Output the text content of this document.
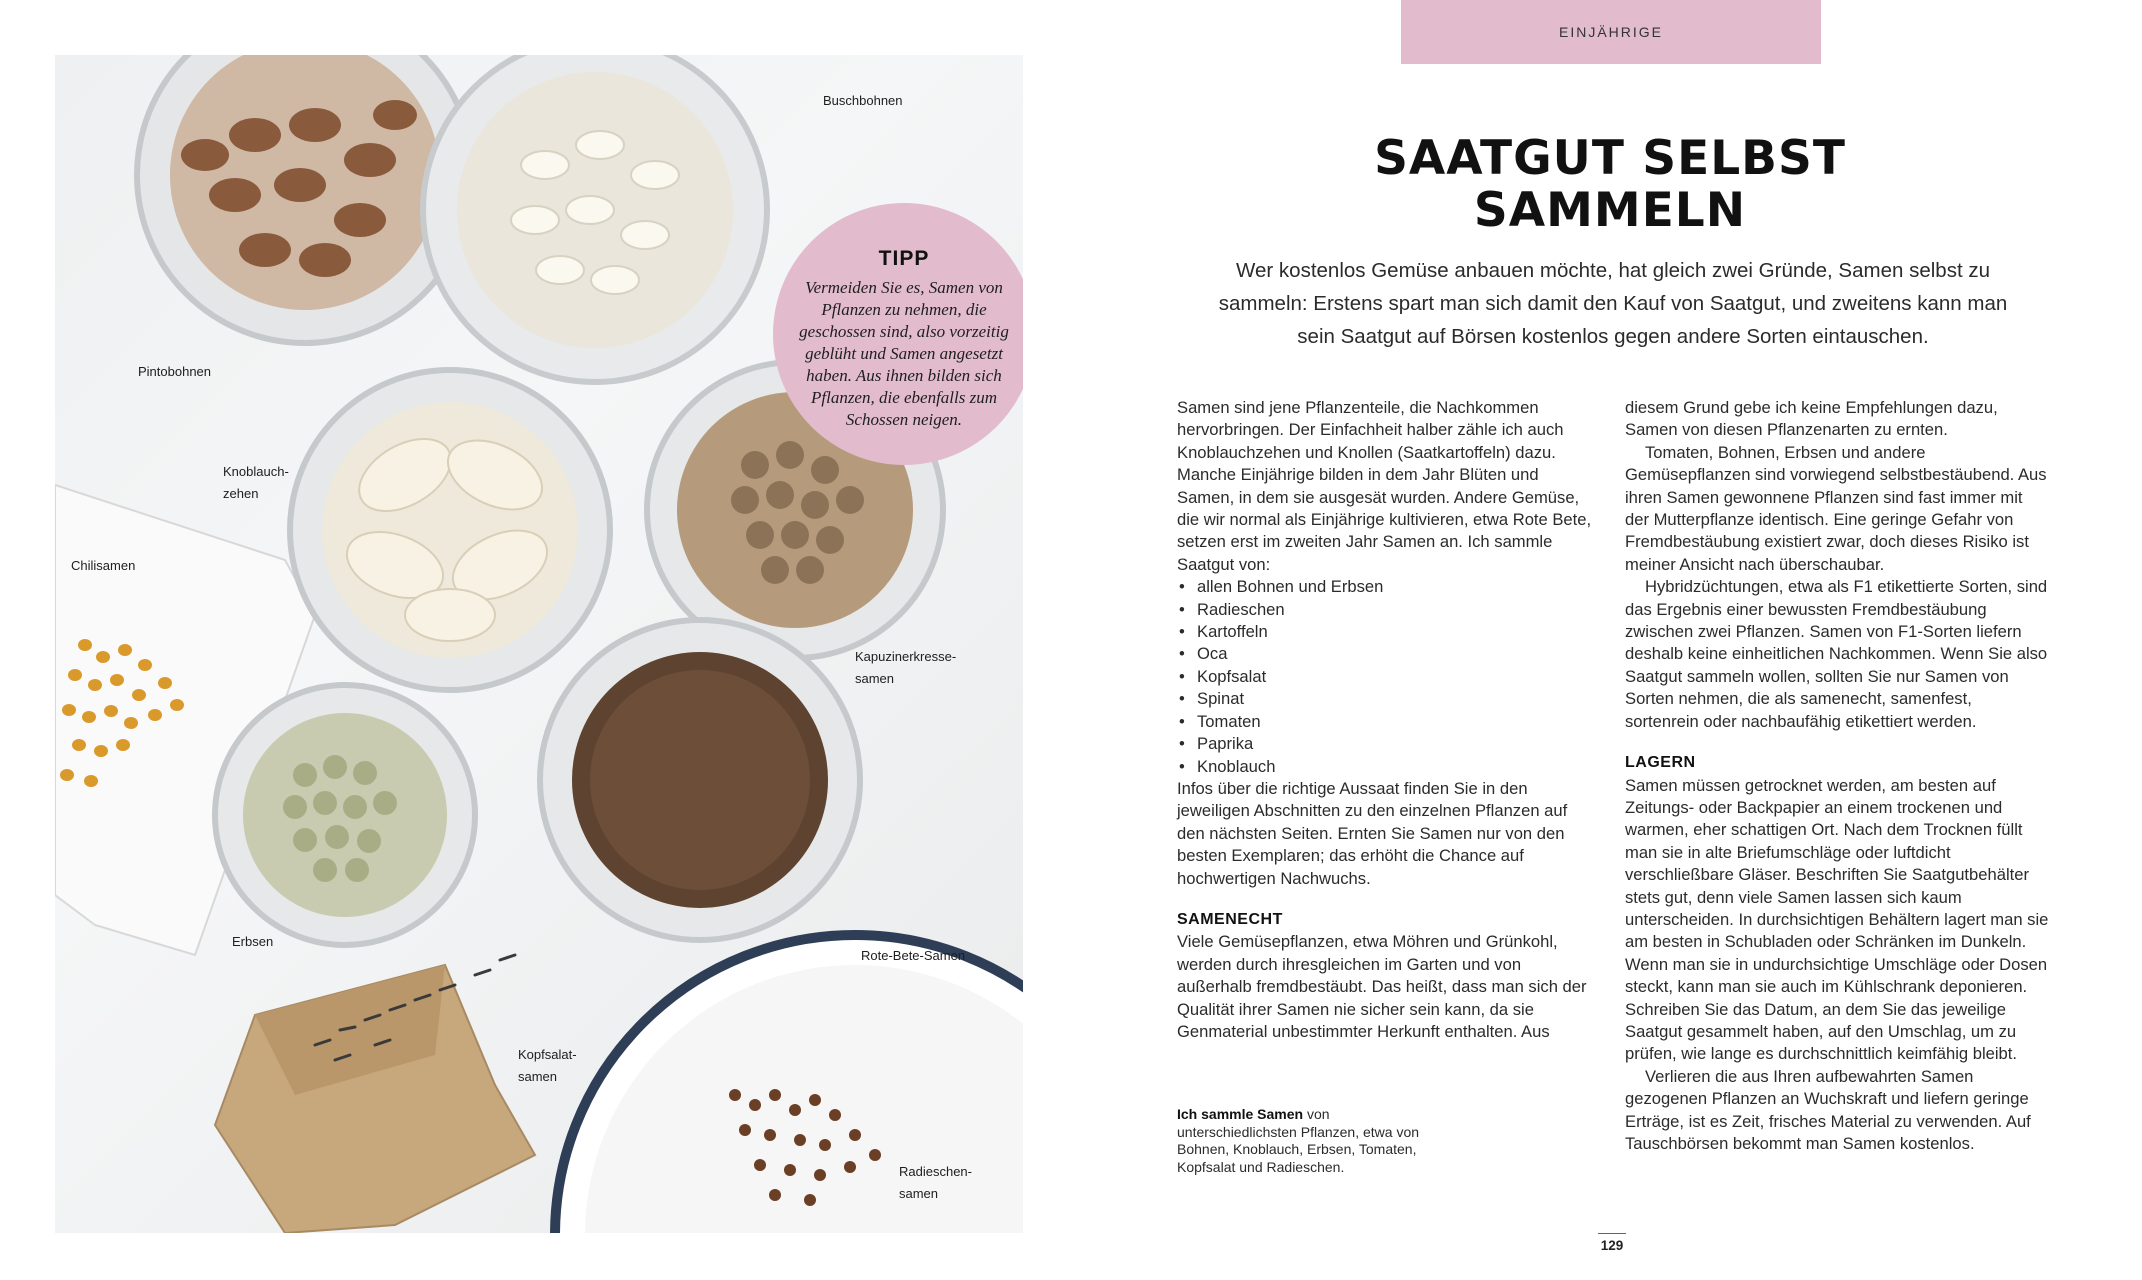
Buschbohnen

Pintobohnen

Knoblauch-
zehen

Chilisamen

Kapuzinerkresse-
samen

Erbsen

Rote-Bete-Samen

Kopfsalat-
samen

Radieschen-
samen

TIPP

Vermeiden Sie es, Samen von Pflanzen zu nehmen, die geschossen sind, also vorzeitig geblüht und Samen angesetzt haben. Aus ihnen bilden sich Pflanzen, die ebenfalls zum Schossen neigen.

EINJÄHRIGE
SAATGUT SELBST
SAMMELN

Wer kostenlos Gemüse anbauen möchte, hat gleich zwei Gründe, Samen selbst zu sammeln: Erstens spart man sich damit den Kauf von Saatgut, und zweitens kann man sein Saatgut auf Börsen kostenlos gegen andere Sorten eintauschen.

Samen sind jene Pflanzenteile, die Nachkommen hervorbringen. Der Einfachheit halber zähle ich auch Knoblauchzehen und Knollen (Saatkartoffeln) dazu. Manche Einjährige bilden in dem Jahr Blüten und Samen, in dem sie ausgesät wurden. Andere Gemüse, die wir normal als Einjährige kultivieren, etwa Rote Bete, setzen erst im zweiten Jahr Samen an. Ich sammle Saatgut von:

• allen Bohnen und Erbsen
• Radieschen
• Kartoffeln
• Oca
• Kopfsalat
• Spinat
• Tomaten
• Paprika
• Knoblauch

Infos über die richtige Aussaat finden Sie in den jeweiligen Abschnitten zu den einzelnen Pflanzen auf den nächsten Seiten. Ernten Sie Samen nur von den besten Exemplaren; das erhöht die Chance auf hochwertigen Nachwuchs.

SAMENECHT

Viele Gemüsepflanzen, etwa Möhren und Grünkohl, werden durch ihresgleichen im Garten und von außerhalb fremdbestäubt. Das heißt, dass man sich der Qualität ihrer Samen nie sicher sein kann, da sie Genmaterial unbestimmter Herkunft enthalten. Aus

diesem Grund gebe ich keine Empfehlungen dazu, Samen von diesen Pflanzenarten zu ernten.

Tomaten, Bohnen, Erbsen und andere Gemüsepflanzen sind vorwiegend selbstbestäubend. Aus ihren Samen gewonnene Pflanzen sind fast immer mit der Mutterpflanze identisch. Eine geringe Gefahr von Fremdbestäubung existiert zwar, doch dieses Risiko ist meiner Ansicht nach überschaubar.

Hybridzüchtungen, etwa als F1 etikettierte Sorten, sind das Ergebnis einer bewussten Fremdbestäubung zwischen zwei Pflanzen. Samen von F1-Sorten liefern deshalb keine einheitlichen Nachkommen. Wenn Sie also Saatgut sammeln wollen, sollten Sie nur Samen von Sorten nehmen, die als samenecht, samenfest, sortenrein oder nachbaufähig etikettiert werden.

LAGERN

Samen müssen getrocknet werden, am besten auf Zeitungs- oder Backpapier an einem trockenen und warmen, eher schattigen Ort. Nach dem Trocknen füllt man sie in alte Briefumschläge oder luftdicht verschließbare Gläser. Beschriften Sie Saatgutbehälter stets gut, denn viele Samen lassen sich kaum unterscheiden. In durchsichtigen Behältern lagert man sie am besten in Schubladen oder Schränken im Dunkeln. Wenn man sie in undurchsichtige Umschläge oder Dosen steckt, kann man sie auch im Kühlschrank deponieren. Schreiben Sie das Datum, an dem Sie das jeweilige Saatgut gesammelt haben, auf den Umschlag, um zu prüfen, wie lange es durchschnittlich keimfähig bleibt.

Verlieren die aus Ihren aufbewahrten Samen gezogenen Pflanzen an Wuchskraft und liefern geringe Erträge, ist es Zeit, frisches Material zu verwenden. Auf Tauschbörsen bekommt man Samen kostenlos.

Ich sammle Samen von unterschiedlichsten Pflanzen, etwa von Bohnen, Knoblauch, Erbsen, Tomaten, Kopfsalat und Radieschen.

129
